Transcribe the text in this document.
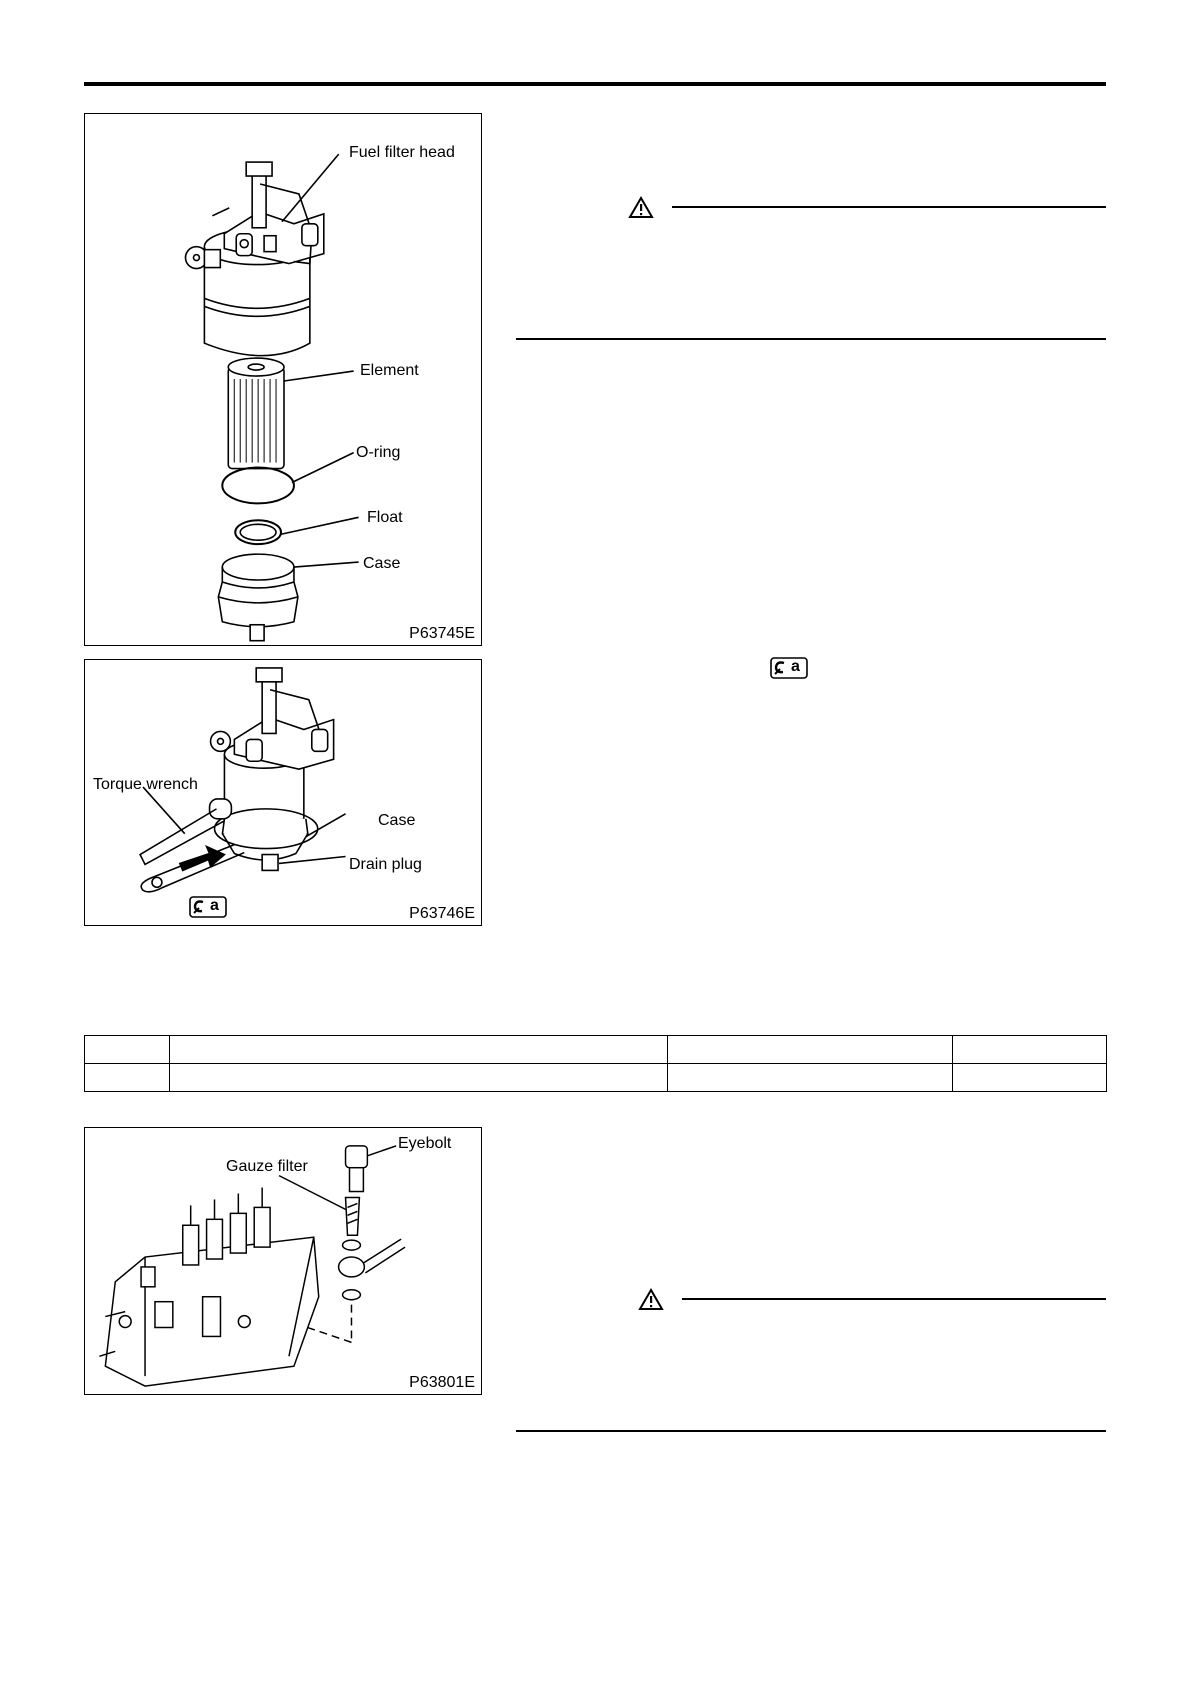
Fuel filter head
Element
O-ring
Float
Case
P63745E
Torque wrench
Case
Drain plug
a	P63746E
Eyebolt
Gauze filter
P63801E
a
